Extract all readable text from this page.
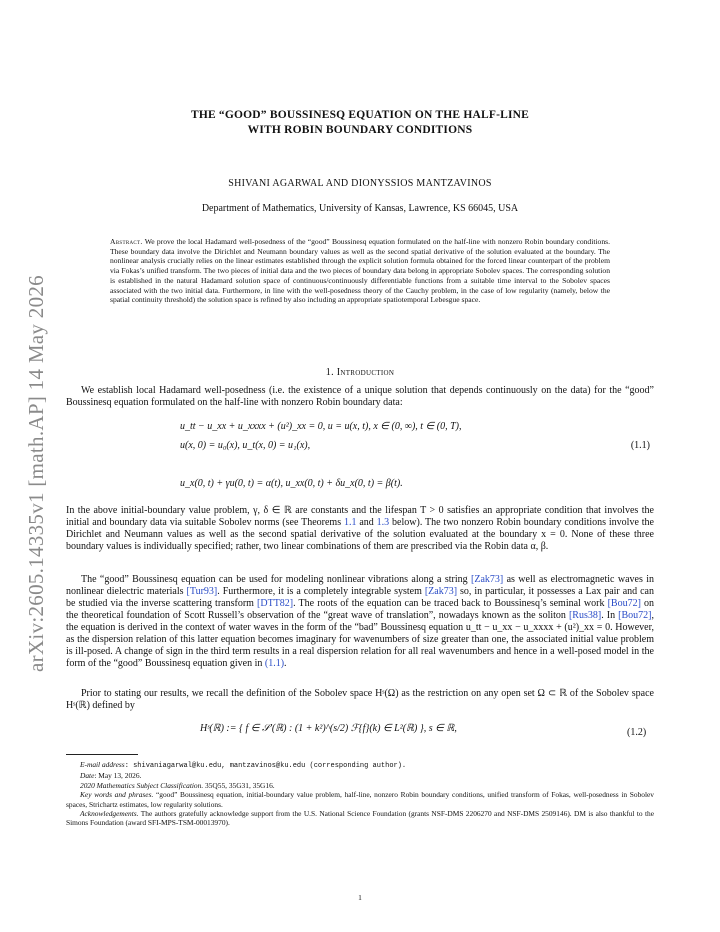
arXiv:2605.14335v1 [math.AP] 14 May 2026
THE “GOOD” BOUSSINESQ EQUATION ON THE HALF-LINE
WITH ROBIN BOUNDARY CONDITIONS
SHIVANI AGARWAL AND DIONYSSIOS MANTZAVINOS
Department of Mathematics, University of Kansas, Lawrence, KS 66045, USA
Abstract. We prove the local Hadamard well-posedness of the “good” Boussinesq equation formulated on the half-line with nonzero Robin boundary conditions. These boundary data involve the Dirichlet and Neumann boundary values as well as the second spatial derivative of the solution evaluated at the boundary. The nonlinear analysis crucially relies on the linear estimates established through the explicit solution formula obtained for the forced linear counterpart of the problem via Fokas’s unified transform. The two pieces of initial data and the two pieces of boundary data belong in appropriate Sobolev spaces. The corresponding solution is established in the natural Hadamard solution space of continuous/continuously differentiable functions from a suitable time interval to the Sobolev spaces associated with the two initial data. Furthermore, in line with the well-posedness theory of the Cauchy problem, in the case of low regularity (namely, below the spatial continuity threshold) the solution space is refined by also including an appropriate spatiotemporal Lebesgue space.
1. Introduction
We establish local Hadamard well-posedness (i.e. the existence of a unique solution that depends continuously on the data) for the “good” Boussinesq equation formulated on the half-line with nonzero Robin boundary data:
u_tt − u_xx + u_xxxx + (u²)_xx = 0, u = u(x, t), x ∈ (0, ∞), t ∈ (0, T),
u(x, 0) = u₀(x), u_t(x, 0) = u₁(x),
u_x(0, t) + γu(0, t) = α(t), u_xx(0, t) + δu_x(0, t) = β(t).
(1.1)
In the above initial-boundary value problem, γ, δ ∈ ℝ are constants and the lifespan T > 0 satisfies an appropriate condition that involves the initial and boundary data via suitable Sobolev norms (see Theorems 1.1 and 1.3 below). The two nonzero Robin boundary conditions involve the Dirichlet and Neumann values as well as the second spatial derivative of the solution evaluated at the boundary x = 0. None of these three boundary values is individually specified; rather, two linear combinations of them are prescribed via the Robin data α, β.
The “good” Boussinesq equation can be used for modeling nonlinear vibrations along a string [Zak73] as well as electromagnetic waves in nonlinear dielectric materials [Tur93]. Furthermore, it is a completely integrable system [Zak73] so, in particular, it possesses a Lax pair and can be studied via the inverse scattering transform [DTT82]. The roots of the equation can be traced back to Boussinesq’s seminal work [Bou72] on the theoretical foundation of Scott Russell’s observation of the “great wave of translation”, nowadays known as the soliton [Rus38]. In [Bou72], the equation is derived in the context of water waves in the form of the “bad” Boussinesq equation u_tt − u_xx − u_xxxx + (u²)_xx = 0. However, as the dispersion relation of this latter equation becomes imaginary for wavenumbers of size greater than one, the associated initial value problem is ill-posed. A change of sign in the third term results in a real dispersion relation for all real wavenumbers and hence in a well-posed model in the form of the “good” Boussinesq equation given in (1.1).
Prior to stating our results, we recall the definition of the Sobolev space Hˢ(Ω) as the restriction on any open set Ω ⊂ ℝ of the Sobolev space Hˢ(ℝ) defined by
Hˢ(ℝ) := { f ∈ 𝒮′(ℝ) : (1 + k²)^(s/2) ℱ{f}(k) ∈ L²(ℝ) }, s ∈ ℝ,	(1.2)
E-mail address: shivaniagarwal@ku.edu, mantzavinos@ku.edu (corresponding author).
Date: May 13, 2026.
2020 Mathematics Subject Classification. 35Q55, 35G31, 35G16.
Key words and phrases. “good” Boussinesq equation, initial-boundary value problem, half-line, nonzero Robin boundary conditions, unified transform of Fokas, well-posedness in Sobolev spaces, Strichartz estimates, low regularity solutions.
Acknowledgements. The authors gratefully acknowledge support from the U.S. National Science Foundation (grants NSF-DMS 2206270 and NSF-DMS 2509146). DM is also thankful to the Simons Foundation (award SFI-MPS-TSM-00013970).
1
